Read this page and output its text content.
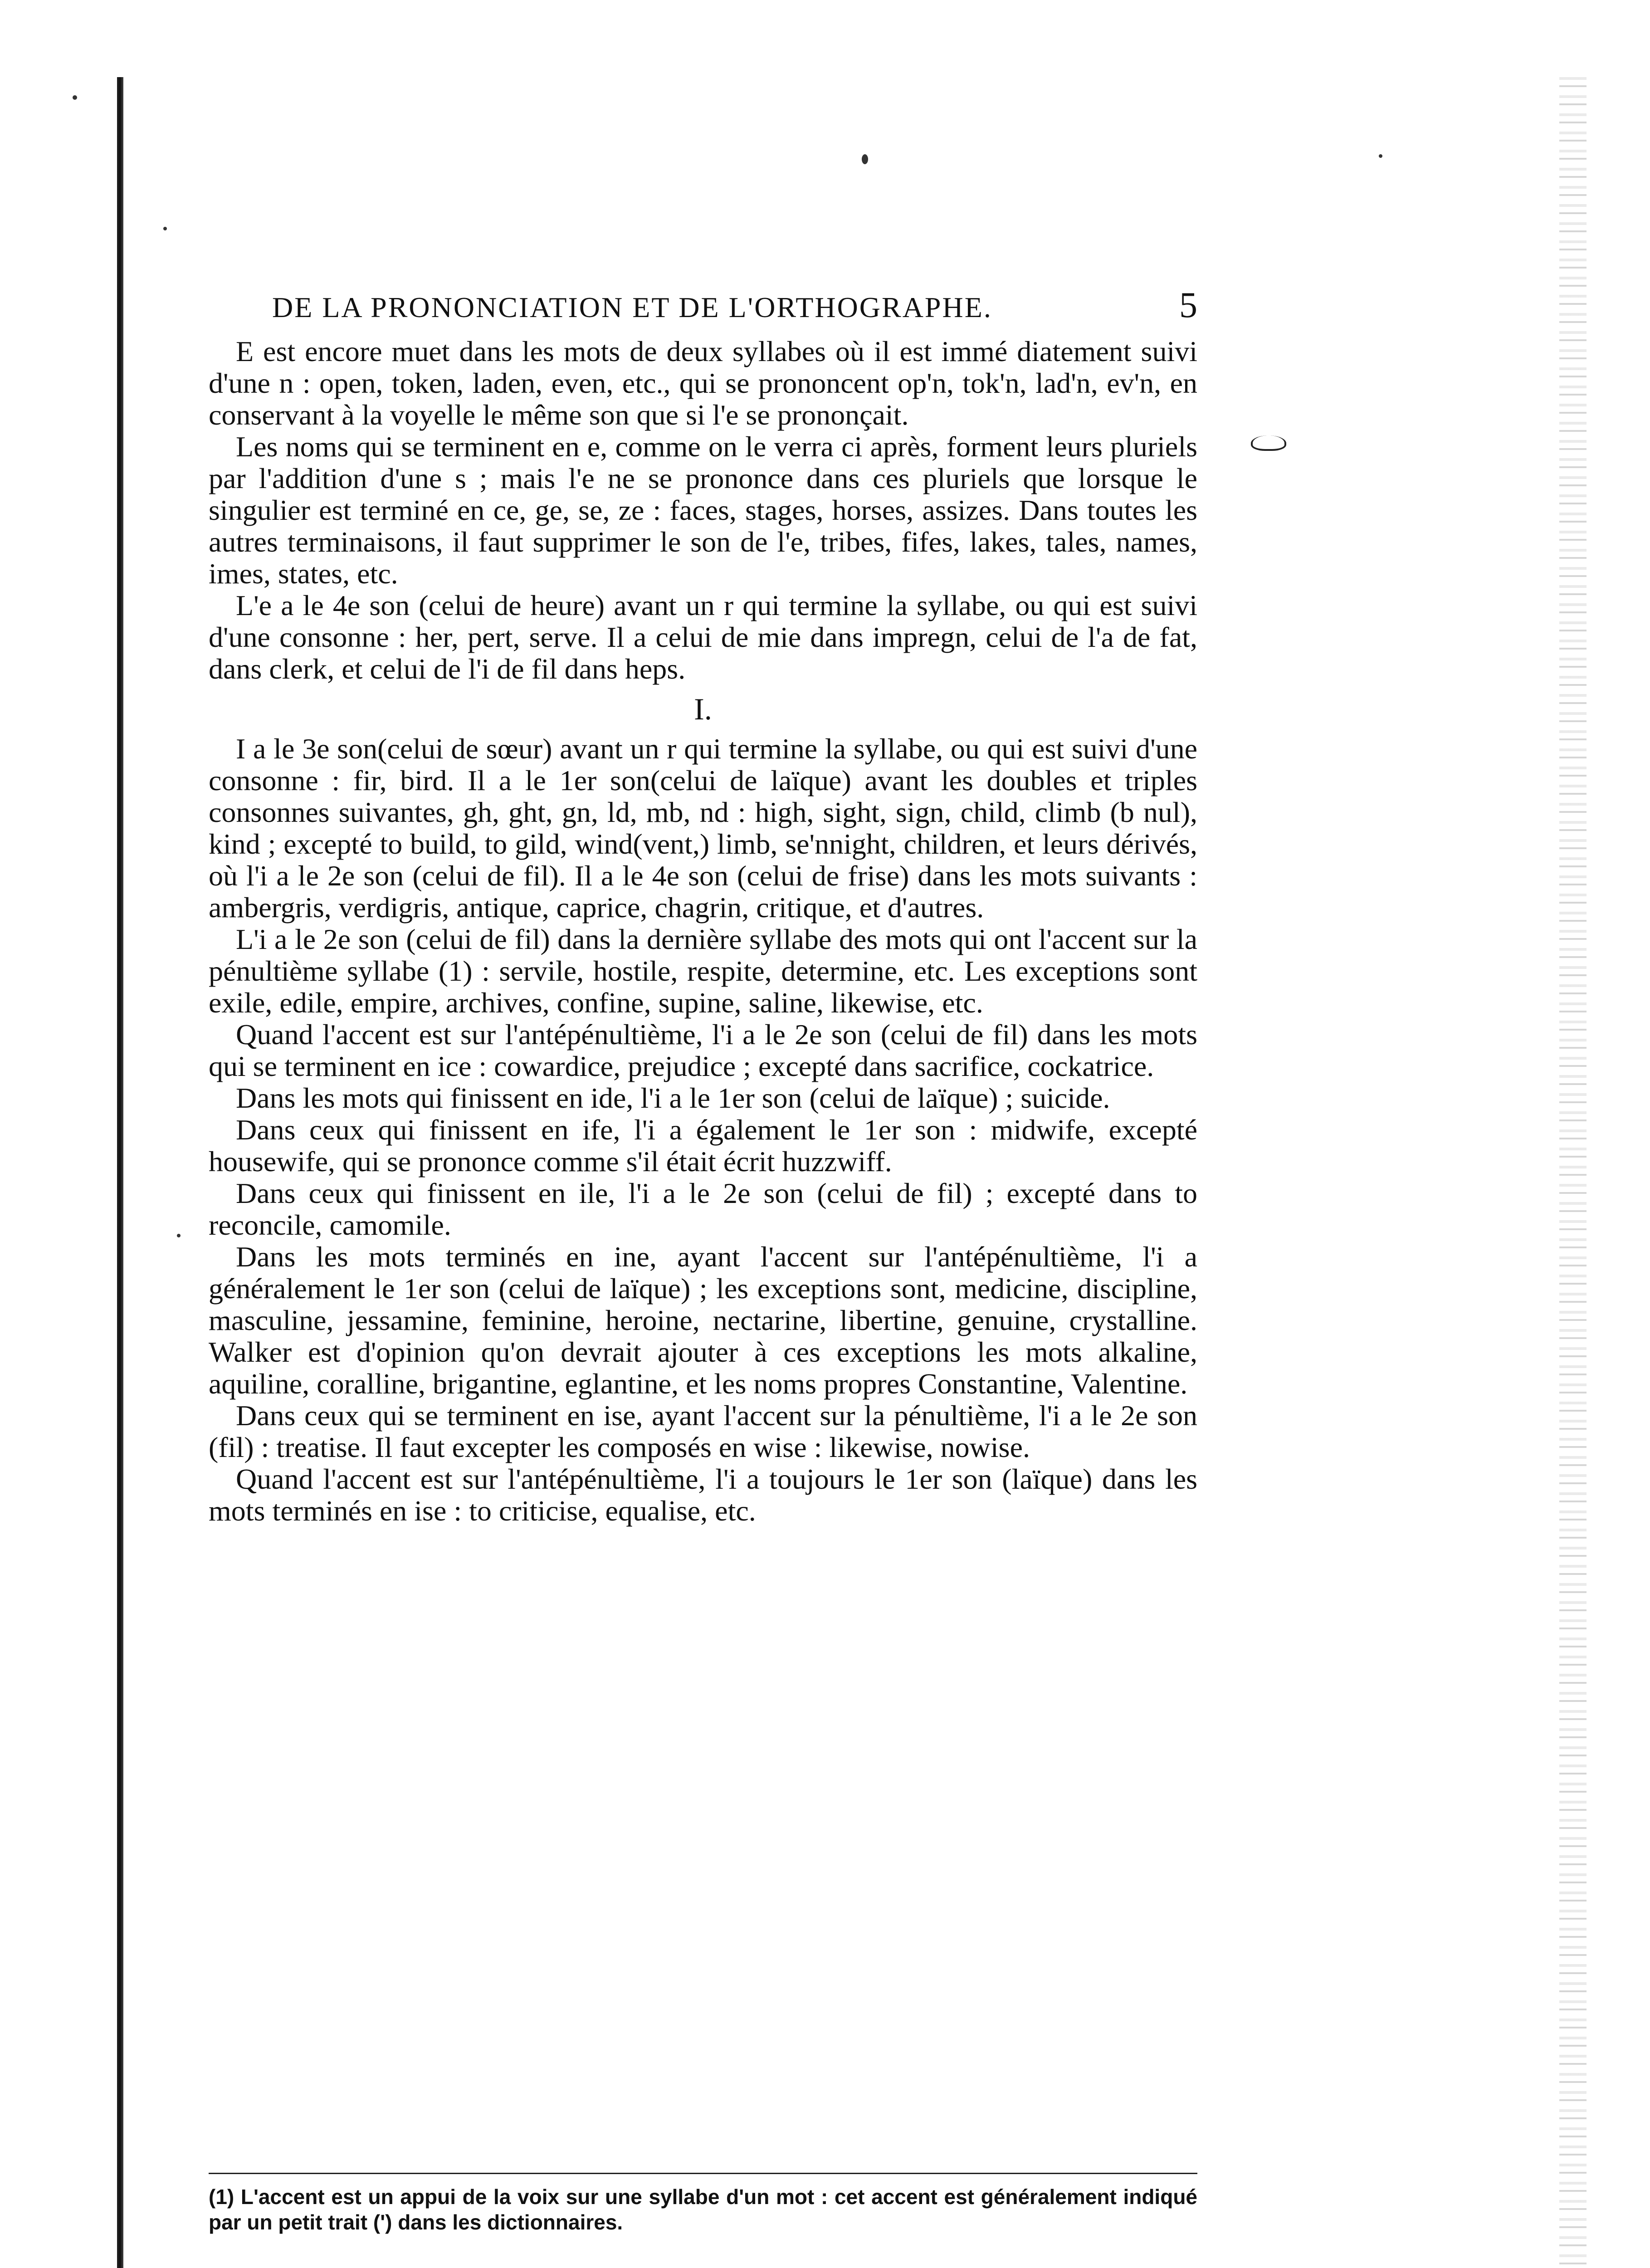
DE LA PRONONCIATION ET DE L'ORTHOGRAPHE.	5

E est encore muet dans les mots de deux syllabes où il est immé diatement suivi d'une n : open, token, laden, even, etc., qui se prononcent op'n, tok'n, lad'n, ev'n, en conservant à la voyelle le même son que si l'e se prononçait.

Les noms qui se terminent en e, comme on le verra ci après, forment leurs pluriels par l'addition d'une s ; mais l'e ne se prononce dans ces pluriels que lorsque le singulier est terminé en ce, ge, se, ze : faces, stages, horses, assizes. Dans toutes les autres terminaisons, il faut supprimer le son de l'e, tribes, fifes, lakes, tales, names, imes, states, etc.

L'e a le 4e son (celui de heure) avant un r qui termine la syllabe, ou qui est suivi d'une consonne : her, pert, serve. Il a celui de mie dans impregn, celui de l'a de fat, dans clerk, et celui de l'i de fil dans heps.

I.

I a le 3e son(celui de sœur) avant un r qui termine la syllabe, ou qui est suivi d'une consonne : fir, bird. Il a le 1er son(celui de laïque) avant les doubles et triples consonnes suivantes, gh, ght, gn, ld, mb, nd : high, sight, sign, child, climb (b nul), kind ; excepté to build, to gild, wind(vent,) limb, se'nnight, children, et leurs dérivés, où l'i a le 2e son (celui de fil). Il a le 4e son (celui de frise) dans les mots suivants : ambergris, verdigris, antique, caprice, chagrin, critique, et d'autres.

L'i a le 2e son (celui de fil) dans la dernière syllabe des mots qui ont l'accent sur la pénultième syllabe (1) : servile, hostile, respite, determine, etc. Les exceptions sont exile, edile, empire, archives, confine, supine, saline, likewise, etc.

Quand l'accent est sur l'antépénultième, l'i a le 2e son (celui de fil) dans les mots qui se terminent en ice : cowardice, prejudice ; excepté dans sacrifice, cockatrice.

Dans les mots qui finissent en ide, l'i a le 1er son (celui de laïque) ; suicide.

Dans ceux qui finissent en ife, l'i a également le 1er son : midwife, excepté housewife, qui se prononce comme s'il était écrit huzzwiff.

Dans ceux qui finissent en ile, l'i a le 2e son (celui de fil) ; excepté dans to reconcile, camomile.

Dans les mots terminés en ine, ayant l'accent sur l'antépénultième, l'i a généralement le 1er son (celui de laïque) ; les exceptions sont, medicine, discipline, masculine, jessamine, feminine, heroine, nectarine, libertine, genuine, crystalline. Walker est d'opinion qu'on devrait ajouter à ces exceptions les mots alkaline, aquiline, coralline, brigantine, eglantine, et les noms propres Constantine, Valentine.

Dans ceux qui se terminent en ise, ayant l'accent sur la pénultième, l'i a le 2e son (fil) : treatise. Il faut excepter les composés en wise : likewise, nowise.

Quand l'accent est sur l'antépénultième, l'i a toujours le 1er son (laïque) dans les mots terminés en ise : to criticise, equalise, etc.

(1) L'accent est un appui de la voix sur une syllabe d'un mot : cet accent est généralement indiqué par un petit trait (') dans les dictionnaires.
